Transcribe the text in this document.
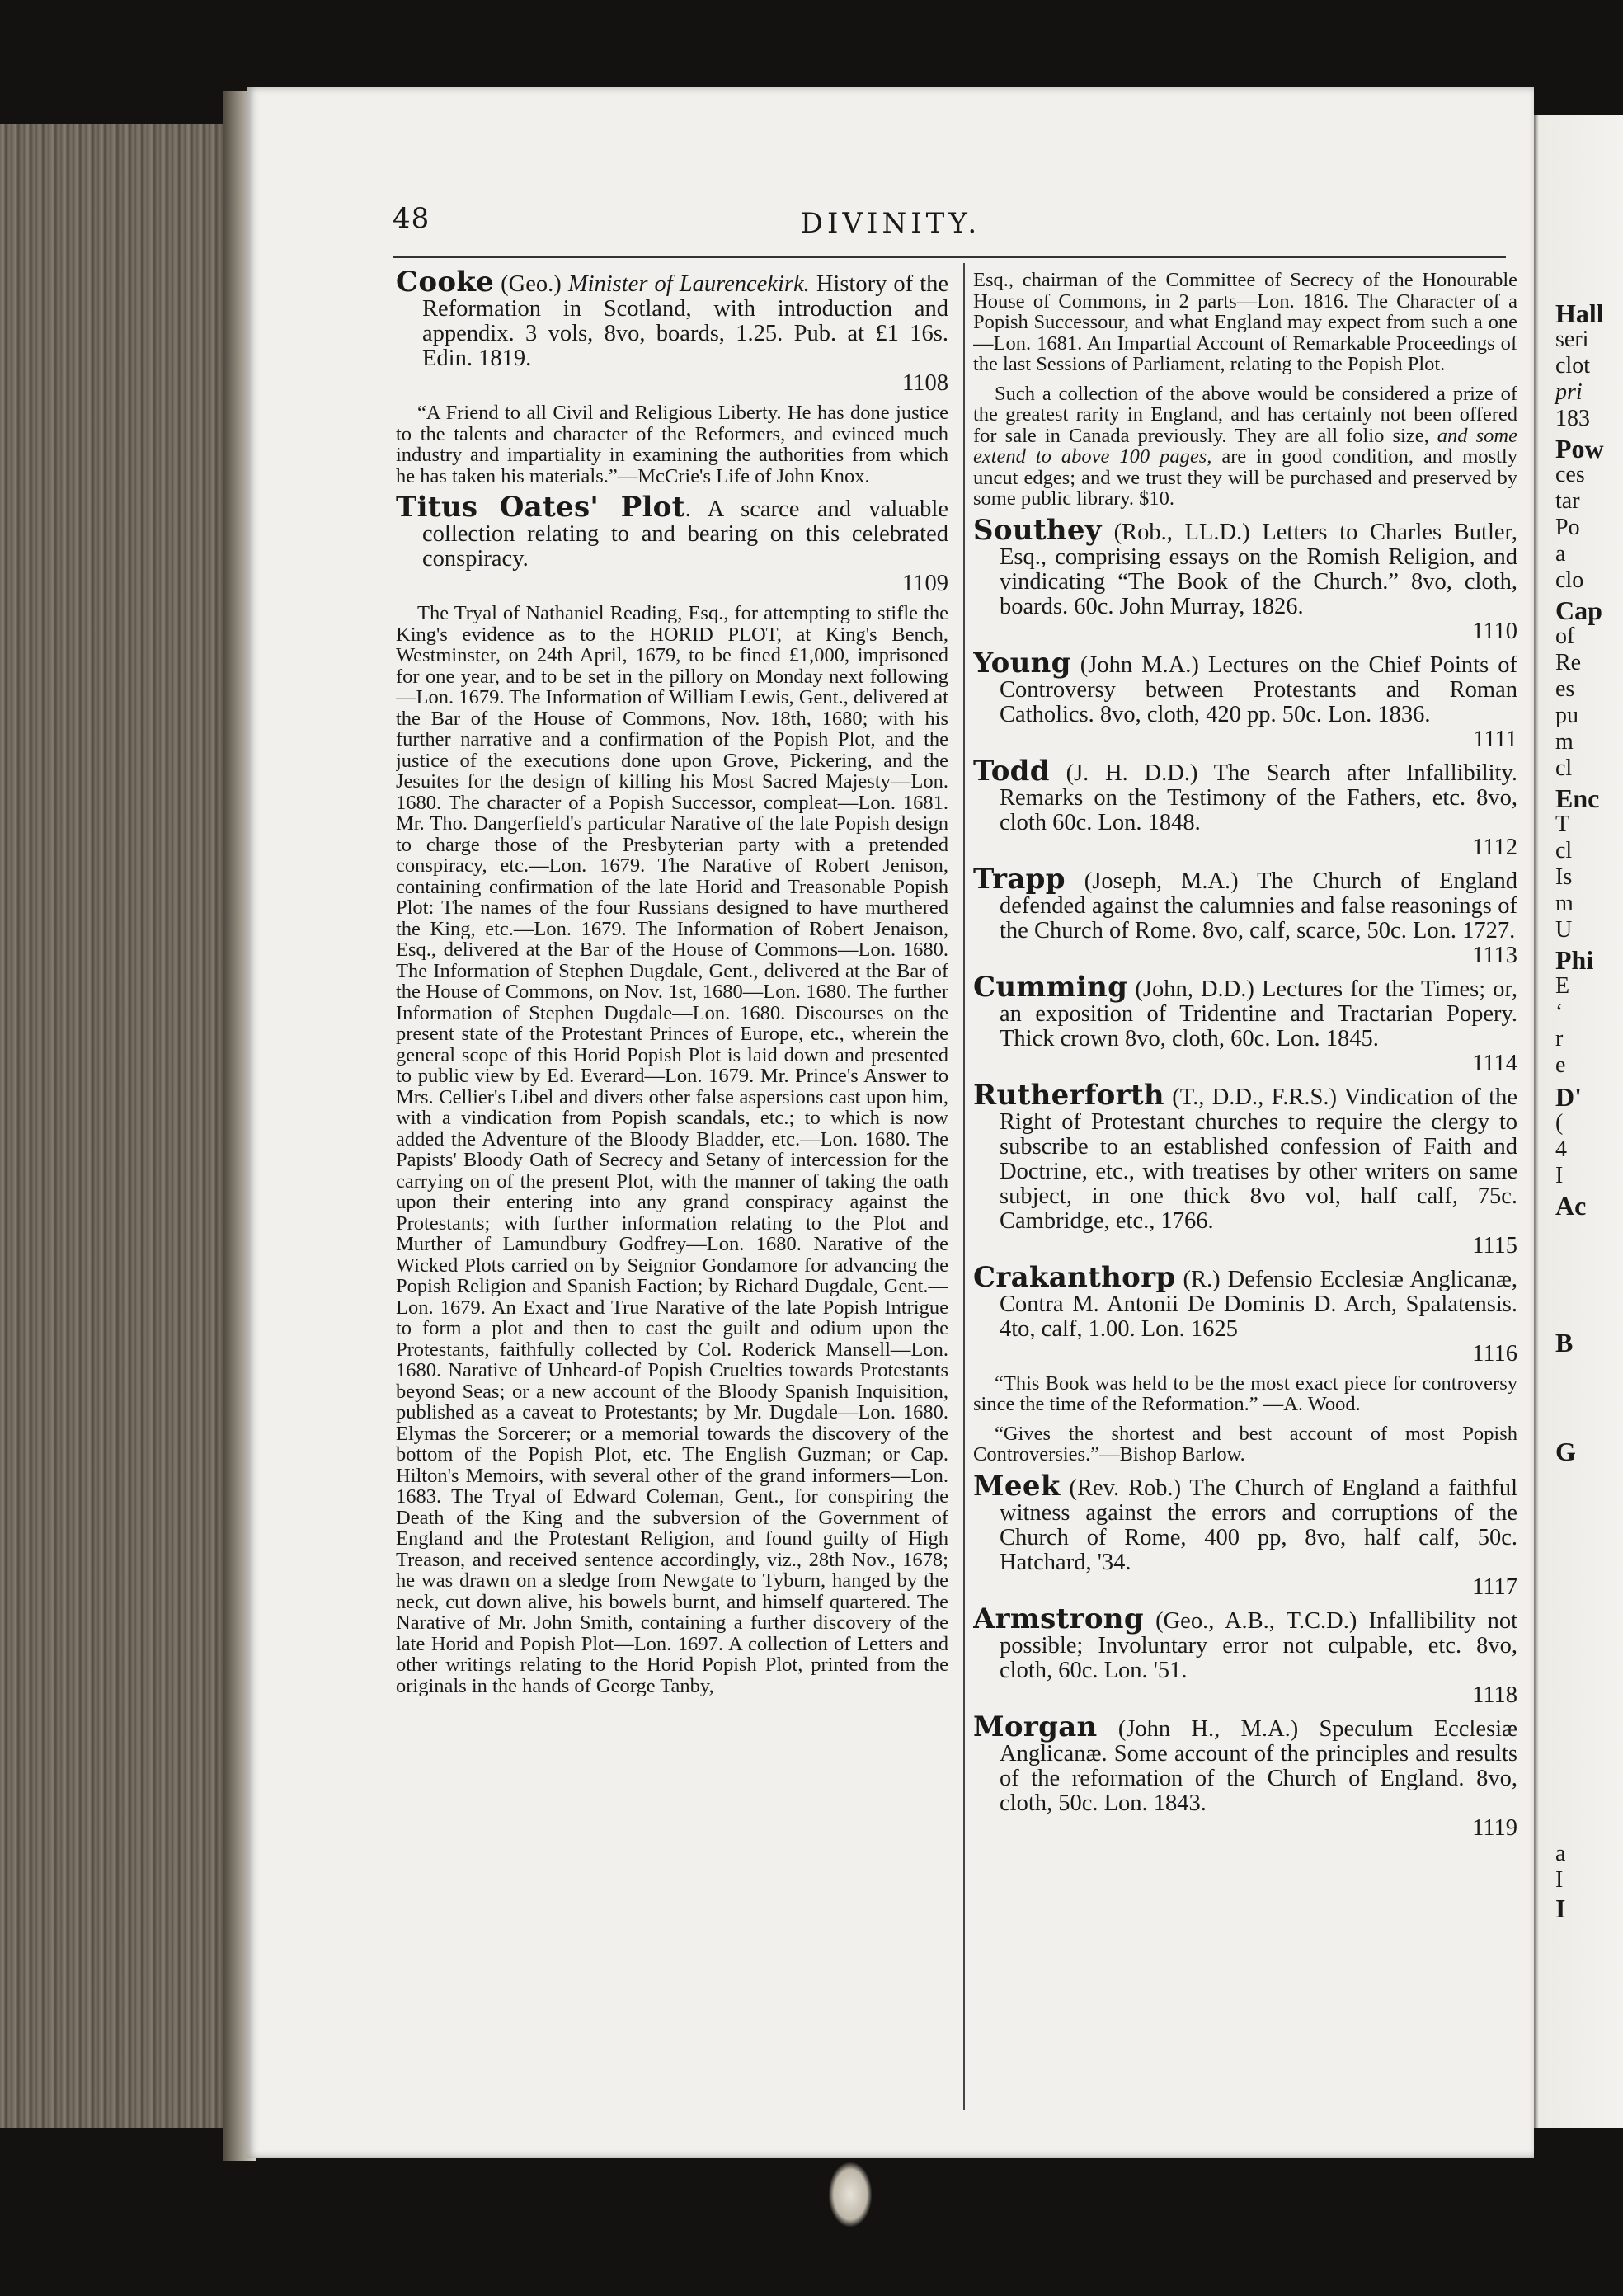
Hall
seri
clot
pri
183
Pow
ces
tar
Po
a
clo
Cap
of
Re
es
pu
m
cl
Enc
T
cl
Is
m
U
Phi
E
‘
r
e
D'
(
4
I
Ac
B
G
a
I
I
48	DIVINITY.

Cooke (Geo.) Minister of Laurencekirk. History of the Reformation in Scotland, with introduction and appendix. 3 vols, 8vo, boards, 1.25. Pub. at £1 16s. Edin. 1819.
1108

“A Friend to all Civil and Religious Liberty. He has done justice to the talents and character of the Reformers, and evinced much industry and impartiality in examining the authorities from which he has taken his materials.”—McCrie's Life of John Knox.

Titus Oates' Plot. A scarce and valuable collection relating to and bearing on this celebrated conspiracy.
1109

The Tryal of Nathaniel Reading, Esq., for attempting to stifle the King's evidence as to the HORID PLOT, at King's Bench, Westminster, on 24th April, 1679, to be fined £1,000, imprisoned for one year, and to be set in the pillory on Monday next following—Lon. 1679. The Information of William Lewis, Gent., delivered at the Bar of the House of Commons, Nov. 18th, 1680; with his further narrative and a confirmation of the Popish Plot, and the justice of the executions done upon Grove, Pickering, and the Jesuites for the design of killing his Most Sacred Majesty—Lon. 1680. The character of a Popish Successor, compleat—Lon. 1681. Mr. Tho. Dangerfield's particular Narative of the late Popish design to charge those of the Presbyterian party with a pretended conspiracy, etc.—Lon. 1679. The Narative of Robert Jenison, containing confirmation of the late Horid and Treasonable Popish Plot: The names of the four Russians designed to have murthered the King, etc.—Lon. 1679. The Information of Robert Jenaison, Esq., delivered at the Bar of the House of Commons—Lon. 1680. The Information of Stephen Dugdale, Gent., delivered at the Bar of the House of Commons, on Nov. 1st, 1680—Lon. 1680. The further Information of Stephen Dugdale—Lon. 1680. Discourses on the present state of the Protestant Princes of Europe, etc., wherein the general scope of this Horid Popish Plot is laid down and presented to public view by Ed. Everard—Lon. 1679. Mr. Prince's Answer to Mrs. Cellier's Libel and divers other false aspersions cast upon him, with a vindication from Popish scandals, etc.; to which is now added the Adventure of the Bloody Bladder, etc.—Lon. 1680. The Papists' Bloody Oath of Secrecy and Setany of intercession for the carrying on of the present Plot, with the manner of taking the oath upon their entering into any grand conspiracy against the Protestants; with further information relating to the Plot and Murther of Lamundbury Godfrey—Lon. 1680. Narative of the Wicked Plots carried on by Seignior Gondamore for advancing the Popish Religion and Spanish Faction; by Richard Dugdale, Gent.—Lon. 1679. An Exact and True Narative of the late Popish Intrigue to form a plot and then to cast the guilt and odium upon the Protestants, faithfully collected by Col. Roderick Mansell—Lon. 1680. Narative of Unheard-of Popish Cruelties towards Protestants beyond Seas; or a new account of the Bloody Spanish Inquisition, published as a caveat to Protestants; by Mr. Dugdale—Lon. 1680. Elymas the Sorcerer; or a memorial towards the discovery of the bottom of the Popish Plot, etc. The English Guzman; or Cap. Hilton's Memoirs, with several other of the grand informers—Lon. 1683. The Tryal of Edward Coleman, Gent., for conspiring the Death of the King and the subversion of the Government of England and the Protestant Religion, and found guilty of High Treason, and received sentence accordingly, viz., 28th Nov., 1678; he was drawn on a sledge from Newgate to Tyburn, hanged by the neck, cut down alive, his bowels burnt, and himself quartered. The Narative of Mr. John Smith, containing a further discovery of the late Horid and Popish Plot—Lon. 1697. A collection of Letters and other writings relating to the Horid Popish Plot, printed from the originals in the hands of George Tanby,

Esq., chairman of the Committee of Secrecy of the Honourable House of Commons, in 2 parts—Lon. 1816. The Character of a Popish Successour, and what England may expect from such a one—Lon. 1681. An Impartial Account of Remarkable Proceedings of the last Sessions of Parliament, relating to the Popish Plot.

Such a collection of the above would be considered a prize of the greatest rarity in England, and has certainly not been offered for sale in Canada previously. They are all folio size, and some extend to above 100 pages, are in good condition, and mostly uncut edges; and we trust they will be purchased and preserved by some public library. $10.

Southey (Rob., LL.D.) Letters to Charles Butler, Esq., comprising essays on the Romish Religion, and vindicating “The Book of the Church.” 8vo, cloth, boards. 60c. John Murray, 1826.
1110

Young (John M.A.) Lectures on the Chief Points of Controversy between Protestants and Roman Catholics. 8vo, cloth, 420 pp. 50c. Lon. 1836.
1111

Todd (J. H. D.D.) The Search after Infallibility. Remarks on the Testimony of the Fathers, etc. 8vo, cloth 60c. Lon. 1848.
1112

Trapp (Joseph, M.A.) The Church of England defended against the calumnies and false reasonings of the Church of Rome. 8vo, calf, scarce, 50c. Lon. 1727.
1113

Cumming (John, D.D.) Lectures for the Times; or, an exposition of Tridentine and Tractarian Popery. Thick crown 8vo, cloth, 60c. Lon. 1845.
1114

Rutherforth (T., D.D., F.R.S.) Vindication of the Right of Protestant churches to require the clergy to subscribe to an established confession of Faith and Doctrine, etc., with treatises by other writers on same subject, in one thick 8vo vol, half calf, 75c. Cambridge, etc., 1766.
1115

Crakanthorp (R.) Defensio Ecclesiæ Anglicanæ, Contra M. Antonii De Dominis D. Arch, Spalatensis. 4to, calf, 1.00. Lon. 1625
1116

“This Book was held to be the most exact piece for controversy since the time of the Reformation.” —A. Wood.

“Gives the shortest and best account of most Popish Controversies.”—Bishop Barlow.

Meek (Rev. Rob.) The Church of England a faithful witness against the errors and corruptions of the Church of Rome, 400 pp, 8vo, half calf, 50c. Hatchard, '34.
1117

Armstrong (Geo., A.B., T.C.D.) Infallibility not possible; Involuntary error not culpable, etc. 8vo, cloth, 60c. Lon. '51.
1118

Morgan (John H., M.A.) Speculum Ecclesiæ Anglicanæ. Some account of the principles and results of the reformation of the Church of England. 8vo, cloth, 50c. Lon. 1843.
1119
